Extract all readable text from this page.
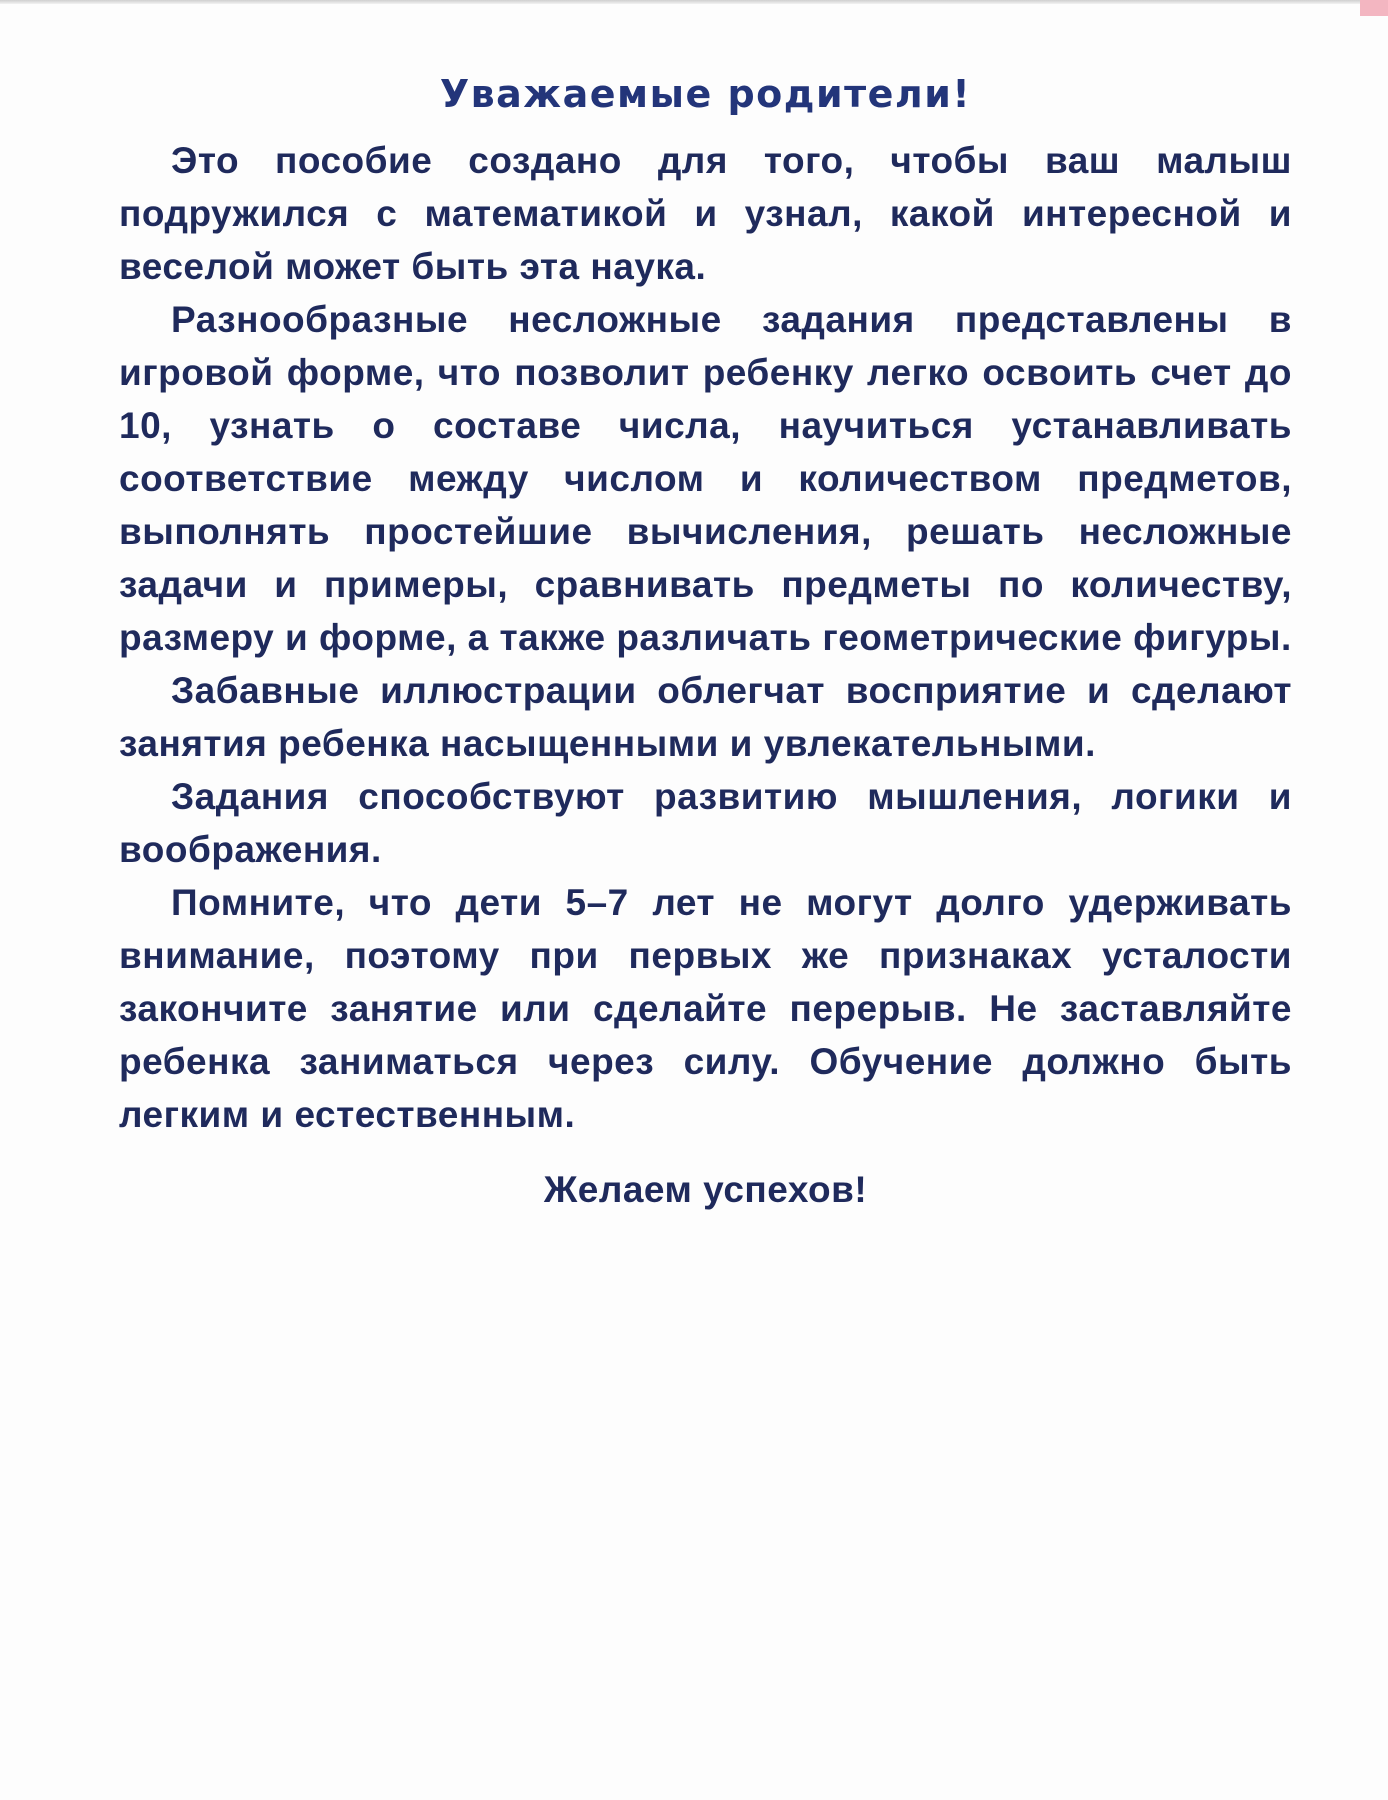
Уважаемые родители!

Это пособие создано для того, чтобы ваш малыш подружился с математикой и узнал, какой интересной и веселой может быть эта наука.

Разнообразные несложные задания представлены в игровой форме, что позволит ребенку легко освоить счет до 10, узнать о составе числа, научиться устанавливать соответствие между числом и количеством предметов, выполнять простейшие вычисления, решать несложные задачи и примеры, сравнивать предметы по количеству, размеру и форме, а также различать геометрические фигуры.

Забавные иллюстрации облегчат восприятие и сделают занятия ребенка насыщенными и увлекательными.

Задания способствуют развитию мышления, логики и воображения.

Помните, что дети 5–7 лет не могут долго удерживать внимание, поэтому при первых же признаках усталости закончите занятие или сделайте перерыв. Не заставляйте ребенка заниматься через силу. Обучение должно быть легким и естественным.

Желаем успехов!
